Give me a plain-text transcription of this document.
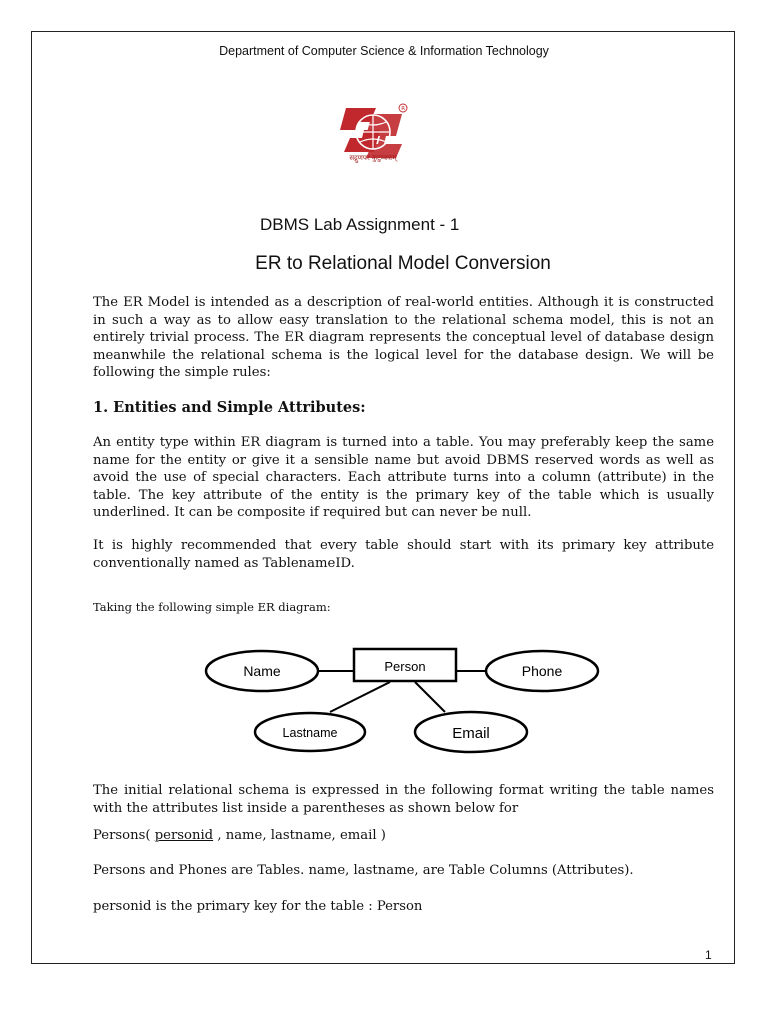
Department of Computer Science & Information Technology
R
सद्गुणपर कुटुम्बकम्
DBMS Lab Assignment - 1
ER to Relational Model Conversion
The ER Model is intended as a description of real-world entities. Although it is constructed in such a way as to allow easy translation to the relational schema model, this is not an entirely trivial process. The ER diagram represents the conceptual level of database design meanwhile the relational schema is the logical level for the database design. We will be following the simple rules:
1. Entities and Simple Attributes:
An entity type within ER diagram is turned into a table. You may preferably keep the same name for the entity or give it a sensible name but avoid DBMS reserved words as well as avoid the use of special characters. Each attribute turns into a column (attribute) in the table. The key attribute of the entity is the primary key of the table which is usually underlined. It can be composite if required but can never be null.
It is highly recommended that every table should start with its primary key attribute conventionally named as TablenameID.
Taking the following simple ER diagram:
Person
Name	Phone
Lastname	Email
The initial relational schema is expressed in the following format writing the table names with the attributes list inside a parentheses as shown below for
Persons( personid , name, lastname, email )
Persons and Phones are Tables. name, lastname, are Table Columns (Attributes).
personid is the primary key for the table : Person
1
